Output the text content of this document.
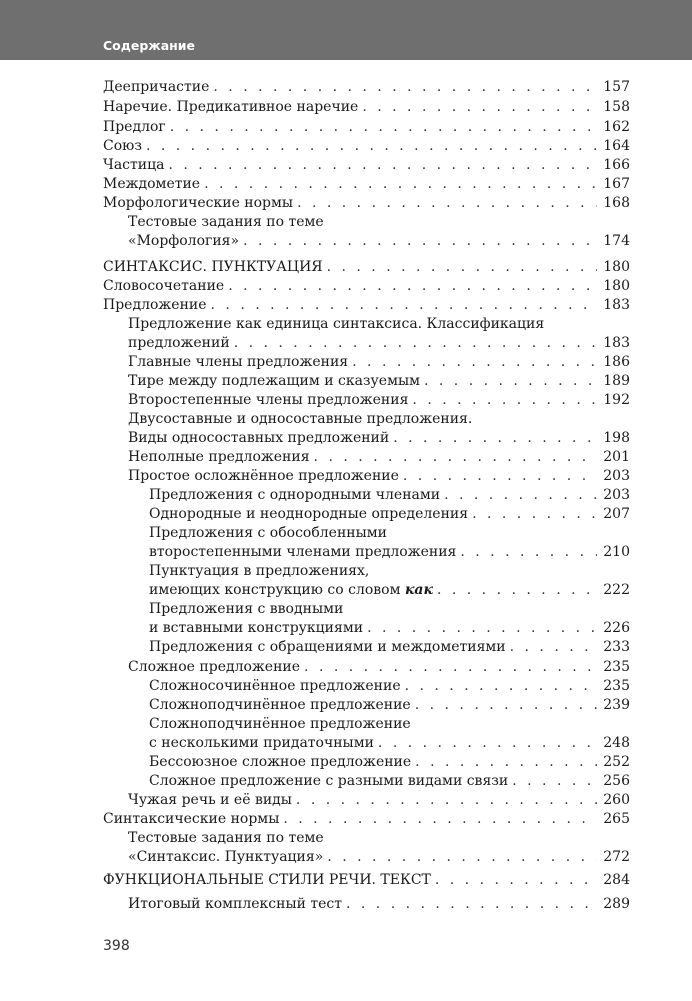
Содержание
Деепричастие . . .	157
Наречие. Предикативное наречие . . .	158
Предлог . . .	162
Союз . . .	164
Частица . . .	166
Междометие . . .	167
Морфологические нормы . . .	168
Тестовые задания по теме
«Морфология» . . .	174
СИНТАКСИС. ПУНКТУАЦИЯ . . .	180
Словосочетание . . .	180
Предложение . . .	183
Предложение как единица синтаксиса. Классификация
предложений . . .	183
Главные члены предложения . . .	186
Тире между подлежащим и сказуемым . . .	189
Второстепенные члены предложения . . .	192
Двусоставные и односоставные предложения.
Виды односоставных предложений . . .	198
Неполные предложения . . .	201
Простое осложнённое предложение . . .	203
Предложения с однородными членами . . .	203
Однородные и неоднородные определения . . .	207
Предложения с обособленными
второстепенными членами предложения . . .	210
Пунктуация в предложениях,
имеющих конструкцию со словом как . . .	222
Предложения с вводными
и вставными конструкциями . . .	226
Предложения с обращениями и междометиями . . .	233
Сложное предложение . . .	235
Сложносочинённое предложение . . .	235
Сложноподчинённое предложение . . .	239
Сложноподчинённое предложение
с несколькими придаточными . . .	248
Бессоюзное сложное предложение . . .	252
Сложное предложение с разными видами связи . . .	256
Чужая речь и её виды . . .	260
Синтаксические нормы . . .	265
Тестовые задания по теме
«Синтаксис. Пунктуация» . . .	272
ФУНКЦИОНАЛЬНЫЕ СТИЛИ РЕЧИ. ТЕКСТ . . .	284
Итоговый комплексный тест . . .	289
398
